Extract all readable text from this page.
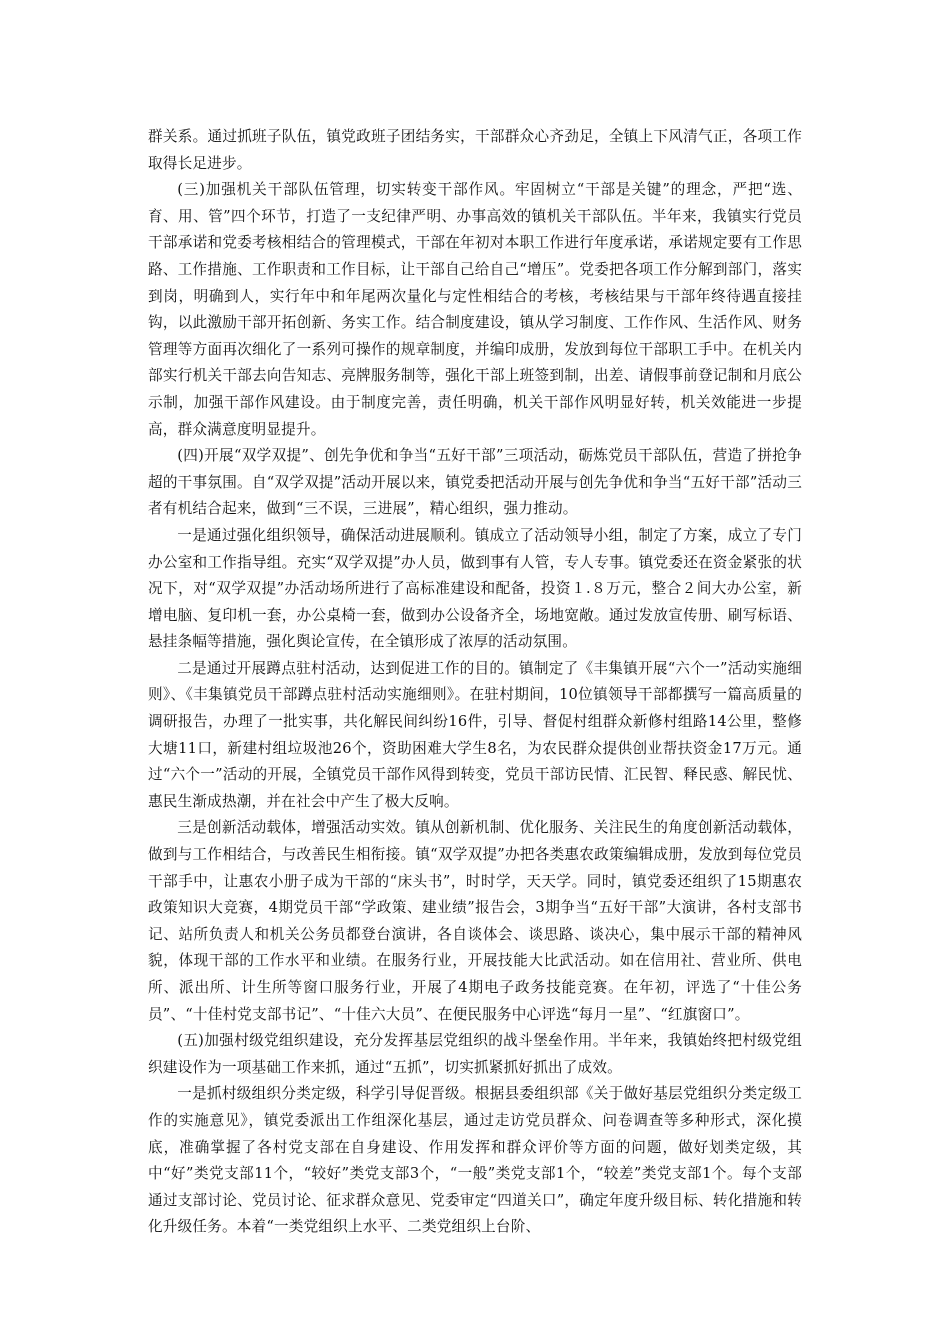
群关系。通过抓班子队伍，镇党政班子团结务实，干部群众心齐劲足，全镇上下风清气正，各项工作取得长足进步。

(三)加强机关干部队伍管理，切实转变干部作风。牢固树立“干部是关键”的理念，严把“选、育、用、管”四个环节，打造了一支纪律严明、办事高效的镇机关干部队伍。半年来，我镇实行党员干部承诺和党委考核相结合的管理模式，干部在年初对本职工作进行年度承诺，承诺规定要有工作思路、工作措施、工作职责和工作目标，让干部自己给自己“增压”。党委把各项工作分解到部门，落实到岗，明确到人，实行年中和年尾两次量化与定性相结合的考核，考核结果与干部年终待遇直接挂钩，以此激励干部开拓创新、务实工作。结合制度建设，镇从学习制度、工作作风、生活作风、财务管理等方面再次细化了一系列可操作的规章制度，并编印成册，发放到每位干部职工手中。在机关内部实行机关干部去向告知志、亮牌服务制等，强化干部上班签到制，出差、请假事前登记制和月底公示制，加强干部作风建设。由于制度完善，责任明确，机关干部作风明显好转，机关效能进一步提高，群众满意度明显提升。

(四)开展“双学双提”、创先争优和争当“五好干部”三项活动，砺炼党员干部队伍，营造了拼抢争超的干事氛围。自“双学双提”活动开展以来，镇党委把活动开展与创先争优和争当“五好干部”活动三者有机结合起来，做到“三不误，三进展”，精心组织，强力推动。

一是通过强化组织领导，确保活动进展顺利。镇成立了活动领导小组，制定了方案，成立了专门办公室和工作指导组。充实“双学双提”办人员，做到事有人管，专人专事。镇党委还在资金紧张的状况下，对“双学双提”办活动场所进行了高标准建设和配备，投资１.８万元，整合２间大办公室，新增电脑、复印机一套，办公桌椅一套，做到办公设备齐全，场地宽敞。通过发放宣传册、刷写标语、悬挂条幅等措施，强化舆论宣传，在全镇形成了浓厚的活动氛围。

二是通过开展蹲点驻村活动，达到促进工作的目的。镇制定了《丰集镇开展“六个一”活动实施细则》、《丰集镇党员干部蹲点驻村活动实施细则》。在驻村期间，10位镇领导干部都撰写一篇高质量的调研报告，办理了一批实事，共化解民间纠纷16件，引导、督促村组群众新修村组路14公里，整修大塘11口，新建村组垃圾池26个，资助困难大学生8名，为农民群众提供创业帮扶资金17万元。通过“六个一”活动的开展，全镇党员干部作风得到转变，党员干部访民情、汇民智、释民惑、解民忧、惠民生渐成热潮，并在社会中产生了极大反响。

三是创新活动载体，增强活动实效。镇从创新机制、优化服务、关注民生的角度创新活动载体，做到与工作相结合，与改善民生相衔接。镇“双学双提”办把各类惠农政策编辑成册，发放到每位党员干部手中，让惠农小册子成为干部的“床头书”，时时学，天天学。同时，镇党委还组织了15期惠农政策知识大竞赛，4期党员干部“学政策、建业绩”报告会，3期争当“五好干部”大演讲，各村支部书记、站所负责人和机关公务员都登台演讲，各自谈体会、谈思路、谈决心，集中展示干部的精神风貌，体现干部的工作水平和业绩。在服务行业，开展技能大比武活动。如在信用社、营业所、供电所、派出所、计生所等窗口服务行业，开展了4期电子政务技能竞赛。在年初，评选了“十佳公务员”、“十佳村党支部书记”、“十佳六大员”、在便民服务中心评选“每月一星”、“红旗窗口”。

(五)加强村级党组织建设，充分发挥基层党组织的战斗堡垒作用。半年来，我镇始终把村级党组织建设作为一项基础工作来抓，通过“五抓”，切实抓紧抓好抓出了成效。

一是抓村级组织分类定级，科学引导促晋级。根据县委组织部《关于做好基层党组织分类定级工作的实施意见》，镇党委派出工作组深化基层，通过走访党员群众、问卷调查等多种形式，深化摸底，准确掌握了各村党支部在自身建设、作用发挥和群众评价等方面的问题，做好划类定级，其中“好”类党支部11个，“较好”类党支部3个，“一般”类党支部1个，“较差”类党支部1个。每个支部通过支部讨论、党员讨论、征求群众意见、党委审定“四道关口”，确定年度升级目标、转化措施和转化升级任务。本着“一类党组织上水平、二类党组织上台阶、
